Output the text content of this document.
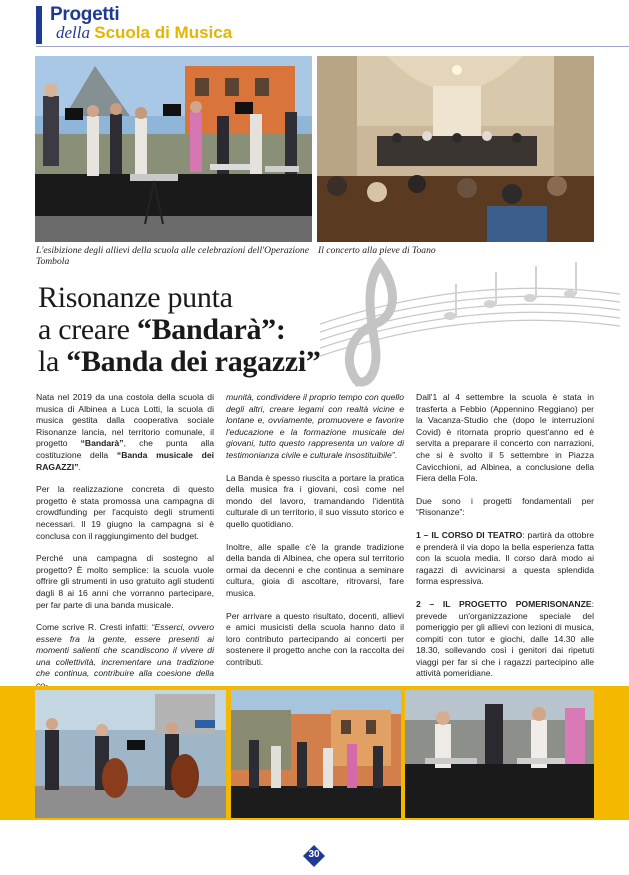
Progetti
della Scuola di Musica
L'esibizione degli allievi della scuola alle celebrazioni dell'Operazione Tombola
Il concerto alla pieve di Toano
Risonanze punta
a creare “Bandarà”:
la “Banda dei ragazzi”

Nata nel 2019 da una costola della scuola di musica di Albinea a Luca Lotti, la scuola di musica gestita dalla cooperativa sociale Risonanze lancia, nel territorio comunale, il progetto “Bandarà”, che punta alla costituzione della “Banda musicale dei RAGAZZI”.

Per la realizzazione concreta di questo progetto è stata promossa una campagna di crowdfunding per l'acquisto degli strumenti necessari. Il 19 giugno la campagna si è conclusa con il raggiungimento del budget.

Perché una campagna di sostegno al progetto? È molto semplice: la scuola vuole offrire gli strumenti in uso gratuito agli studenti dagli 8 ai 16 anni che vorranno partecipare, per far parte di una banda musicale.

Come scrive R. Cresti infatti: “Esserci, ovvero essere fra la gente, essere presenti ai momenti salienti che scandiscono il vivere di una collettività, incrementare una tradizione che continua, contribuire alla coesione della

munità, condividere il proprio tempo con quello degli altri, creare legami con realtà vicine e lontane e, ovviamente, promuovere e favorire l'educazione e la formazione musicale dei giovani, tutto questo rappresenta un valore di testimonianza civile e culturale insostituibile”.

La Banda è spesso riuscita a portare la pratica della musica fra i giovani, così come nel mondo del lavoro, tramandando l'identità culturale di un territorio, il suo vissuto storico e quello quotidiano.

Inoltre, alle spalle c'è la grande tradizione della banda di Albinea, che opera sul territorio ormai da decenni e che continua a seminare cultura, gioia di ascoltare, ritrovarsi, fare musica.

Per arrivare a questo risultato, docenti, allievi e amici musicisti della scuola hanno dato il loro contributo partecipando ai concerti per sostenere il progetto anche con la raccolta dei contributi.

Dall'1 al 4 settembre la scuola è stata in trasferta a Febbio (Appennino Reggiano) per la Vacanza-Studio che (dopo le interruzioni Covid) è ritornata proprio quest'anno ed è servita a preparare il concerto con narrazioni, che si è svolto il 5 settembre in Piazza Cavicchioni, ad Albinea, a conclusione della Fiera della Fola.

Due sono i progetti fondamentali per “Risonanze”:

1 – IL CORSO DI TEATRO: partirà da ottobre e prenderà il via dopo la bella esperienza fatta con la scuola media. Il corso darà modo ai ragazzi di avvicinarsi a questa splendida forma espressiva.

2 – IL PROGETTO POMERISONANZE: prevede un'organizzazione speciale del pomeriggio per gli allievi con lezioni di musica, compiti con tutor e giochi, dalle 14.30 alle 18.30, sollevando così i genitori dai ripetuti viaggi per far sì che i ragazzi partecipino alle attività pomeridiane.

30
